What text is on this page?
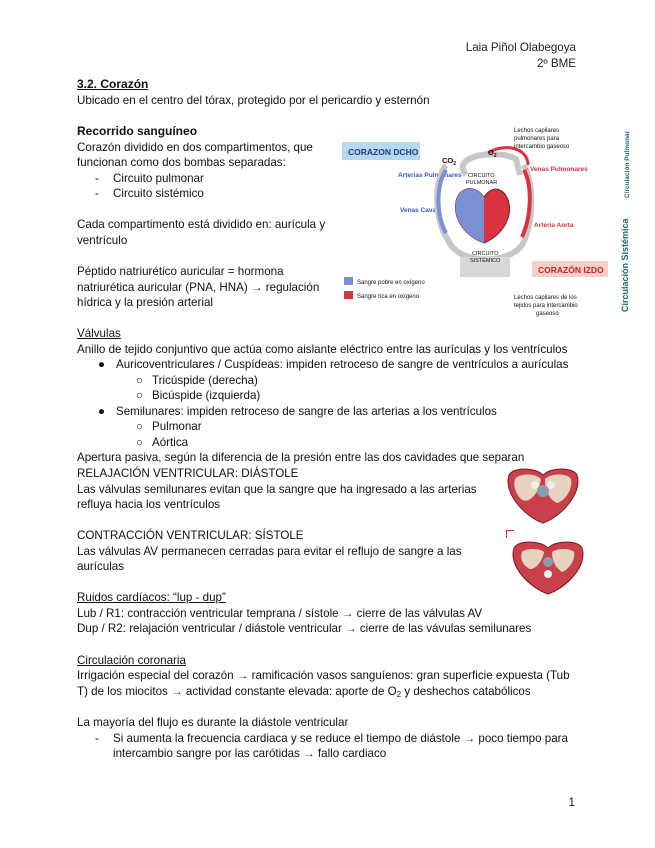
Laia Piñol Olabegoya
2º BME
3.2. Corazón
Ubicado en el centro del tórax, protegido por el pericardio y esternón
Recorrido sanguíneo
Corazón dividido en dos compartimentos, que
funcionan como dos bombas separadas:
- Circuito pulmonar
- Circuito sistémico
Cada compartimento está dividido en: aurícula y
ventrículo
Péptido natriurético auricular = hormona
natriurética auricular (PNA, HNA) → regulación
hídrica y la presión arterial
CORAZON DCHO
Arterias Pulmonares
Venas Cavas
$CO_2$
$O_2$
CIRCUITO
PULMONAR
CIRCUITO
SISTÉMICO
Lechos capilares
pulmonares para
intercambio gaseoso
- Venas Pulmonares
Arteria Aorta
CORAZÓN IZDO
Sangre pobre en oxígeno
Sangre rica en oxígeno	Lechos capilares de los
tejidos para intercambio
gaseoso
Circulación Pulmonar
Circulación Sistémica
Válvulas
Anillo de tejido conjuntivo que actúa como aislante eléctrico entre las aurículas y los ventrículos
● Auricoventriculares / Cuspídeas: impiden retroceso de sangre de ventrículos a aurículas
○ Tricúspide (derecha)
○ Bicúspide (izquierda)
● Semilunares: impiden retroceso de sangre de las arterias a los ventrículos
○ Pulmonar
○ Aórtica
Apertura pasiva, según la diferencia de la presión entre las dos cavidades que separan
RELAJACIÓN VENTRICULAR: DIÁSTOLE
Las válvulas semilunares evitan que la sangre que ha ingresado a las arterias
refluya hacia los ventrículos
CONTRACCIÓN VENTRICULAR: SÍSTOLE
Las válvulas AV permanecen cerradas para evitar el reflujo de sangre a las
aurículas
Ruidos cardíacos: “lup - dup”
Lub / R1: contracción ventricular temprana / sístole → cierre de las válvulas AV
Dup / R2: relajación ventricular / diástole ventricular → cierre de las vávulas semilunares
Circulación coronaria
Irrigación especial del corazón → ramificación vasos sanguíenos: gran superficie expuesta (Tub
T) de los miocitos → actividad constante elevada: aporte de $O_2$ y deshechos catabólicos
La mayoría del flujo es durante la diástole ventricular
- Si aumenta la frecuencia cardiaca y se reduce el tiempo de diástole → poco tiempo para
intercambio sangre por las carótidas → fallo cardiaco
1
